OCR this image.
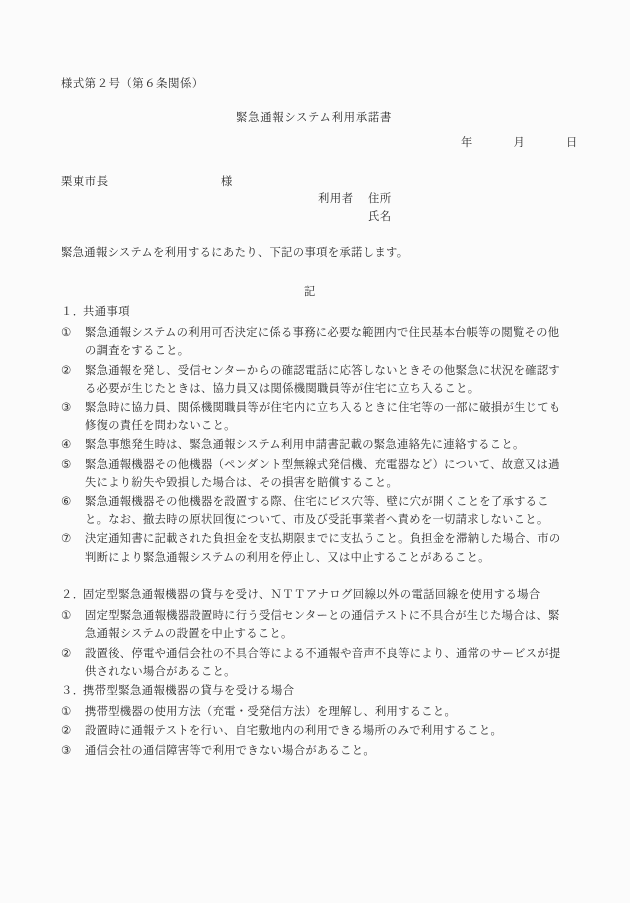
様式第２号（第６条関係）
緊急通報システム利用承諾書
年	月	日
栗東市長	様
利用者 住所
氏名
緊急通報システムを利用するにあたり、下記の事項を承諾します。
記
１．共通事項
①	緊急通報システムの利用可否決定に係る事務に必要な範囲内で住民基本台帳等の閲覧その他
の調査をすること。
②	緊急通報を発し、受信センターからの確認電話に応答しないときその他緊急に状況を確認す
る必要が生じたときは、協力員又は関係機関職員等が住宅に立ち入ること。
③	緊急時に協力員、関係機関職員等が住宅内に立ち入るときに住宅等の一部に破損が生じても
修復の責任を問わないこと。
④	緊急事態発生時は、緊急通報システム利用申請書記載の緊急連絡先に連絡すること。
⑤	緊急通報機器その他機器（ペンダント型無線式発信機、充電器など）について、故意又は過
失により紛失や毀損した場合は、その損害を賠償すること。
⑥	緊急通報機器その他機器を設置する際、住宅にビス穴等、壁に穴が開くことを了承するこ
と。なお、撤去時の原状回復について、市及び受託事業者へ責めを一切請求しないこと。
⑦	決定通知書に記載された負担金を支払期限までに支払うこと。負担金を滞納した場合、市の
判断により緊急通報システムの利用を停止し、又は中止することがあること。
２．固定型緊急通報機器の貸与を受け、ＮＴＴアナログ回線以外の電話回線を使用する場合
①	固定型緊急通報機器設置時に行う受信センターとの通信テストに不具合が生じた場合は、緊
急通報システムの設置を中止すること。
②	設置後、停電や通信会社の不具合等による不通報や音声不良等により、通常のサービスが提
供されない場合があること。
３．携帯型緊急通報機器の貸与を受ける場合
①	携帯型機器の使用方法（充電・受発信方法）を理解し、利用すること。
②	設置時に通報テストを行い、自宅敷地内の利用できる場所のみで利用すること。
③	通信会社の通信障害等で利用できない場合があること。
